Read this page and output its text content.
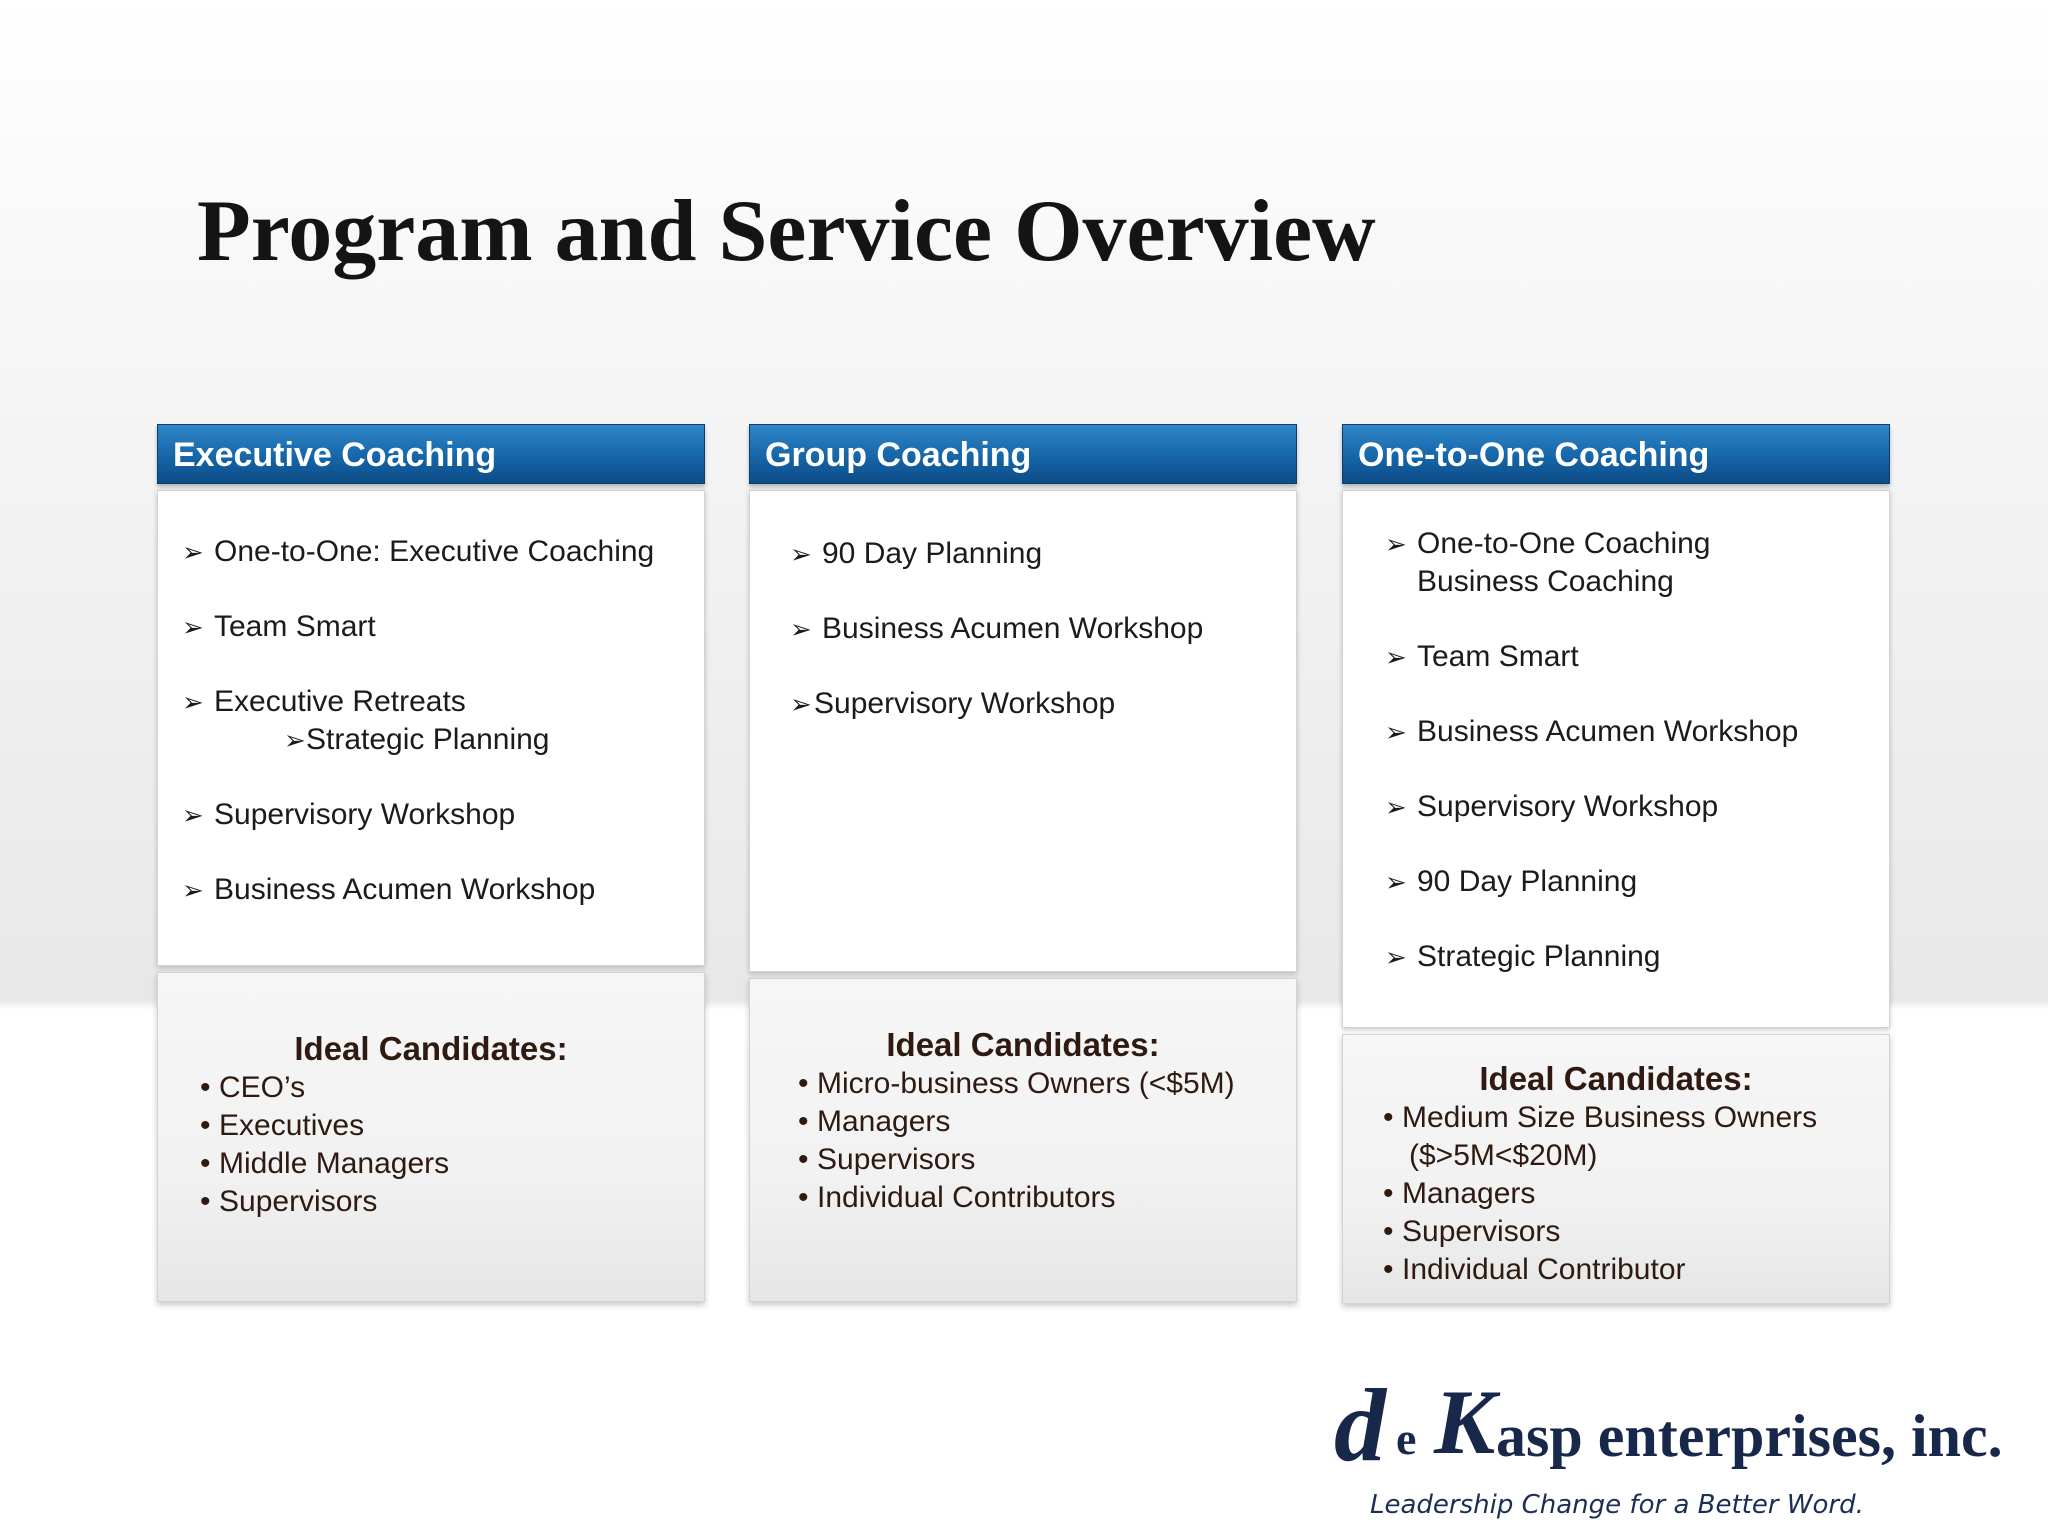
Program and Service Overview
Executive Coaching
➢ One-to-One: Executive Coaching
➢ Team Smart
➢ Executive Retreats
➢Strategic Planning
➢ Supervisory Workshop
➢ Business Acumen Workshop
Ideal Candidates:
• CEO’s
• Executives
• Middle Managers
• Supervisors
Group Coaching
➢ 90 Day Planning
➢ Business Acumen Workshop
➢Supervisory Workshop
Ideal Candidates:
• Micro-business Owners (<$5M)
• Managers
• Supervisors
• Individual Contributors
One-to-One Coaching
➢ One-to-One Coaching
Business Coaching
➢ Team Smart
➢ Business Acumen Workshop
➢ Supervisory Workshop
➢ 90 Day Planning
➢ Strategic Planning
Ideal Candidates:
• Medium Size Business Owners
($>5M<$20M)
• Managers
• Supervisors
• Individual Contributor
d e K asp enterprises, inc.
Leadership Change for a Better Word.
